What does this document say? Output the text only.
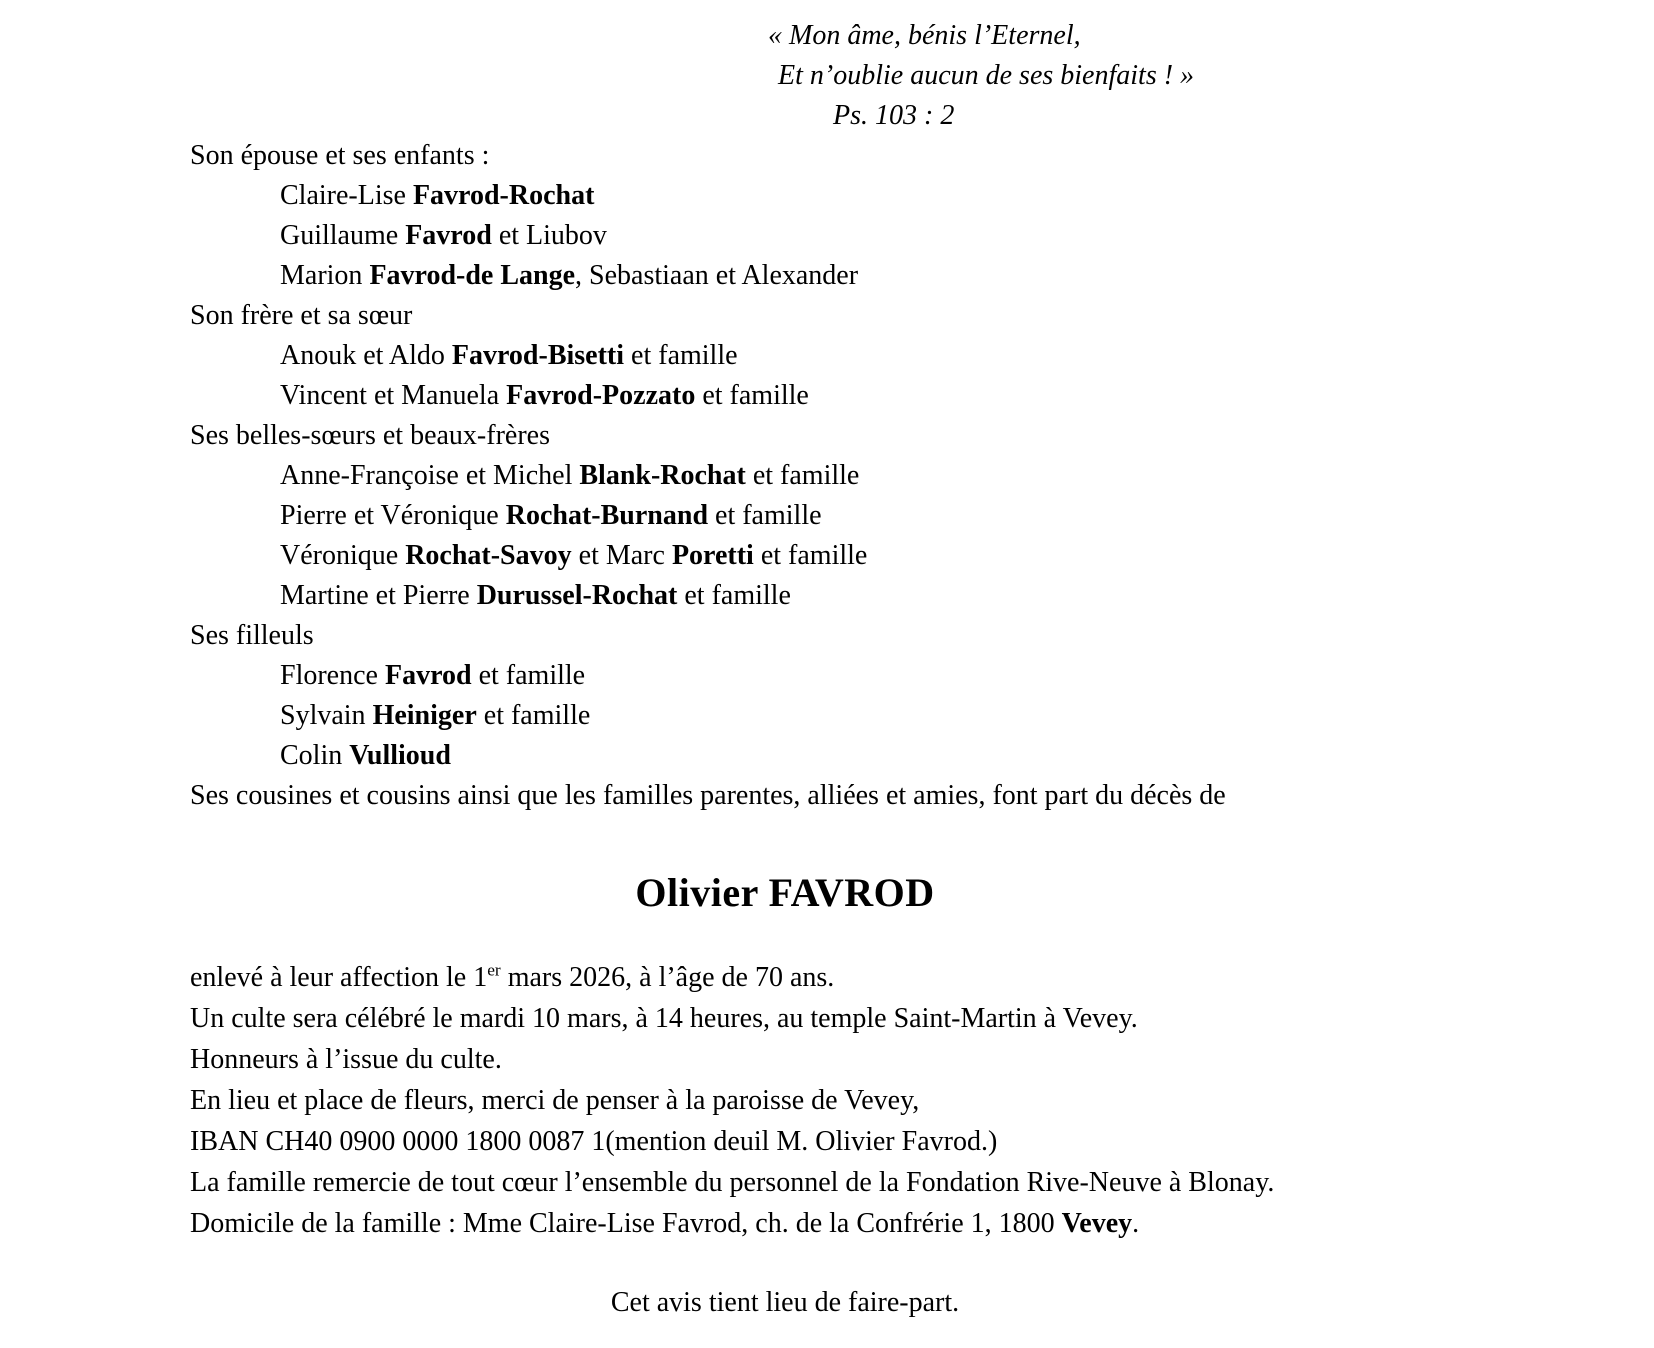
« Mon âme, bénis l’Eternel,
Et n’oublie aucun de ses bienfaits ! »
Ps. 103 : 2
Son épouse et ses enfants :
Claire-Lise Favrod-Rochat
Guillaume Favrod et Liubov
Marion Favrod-de Lange, Sebastiaan et Alexander
Son frère et sa sœur
Anouk et Aldo Favrod-Bisetti et famille
Vincent et Manuela Favrod-Pozzato et famille
Ses belles-sœurs et beaux-frères
Anne-Françoise et Michel Blank-Rochat et famille
Pierre et Véronique Rochat-Burnand et famille
Véronique Rochat-Savoy et Marc Poretti et famille
Martine et Pierre Durussel-Rochat et famille
Ses filleuls
Florence Favrod et famille
Sylvain Heiniger et famille
Colin Vullioud
Ses cousines et cousins ainsi que les familles parentes, alliées et amies, font part du décès de
Olivier FAVROD
enlevé à leur affection le 1er mars 2026, à l’âge de 70 ans.
Un culte sera célébré le mardi 10 mars, à 14 heures, au temple Saint-Martin à Vevey.
Honneurs à l’issue du culte.
En lieu et place de fleurs, merci de penser à la paroisse de Vevey,
IBAN CH40 0900 0000 1800 0087 1(mention deuil M. Olivier Favrod.)
La famille remercie de tout cœur l’ensemble du personnel de la Fondation Rive-Neuve à Blonay.
Domicile de la famille : Mme Claire-Lise Favrod, ch. de la Confrérie 1, 1800 Vevey.
Cet avis tient lieu de faire-part.
